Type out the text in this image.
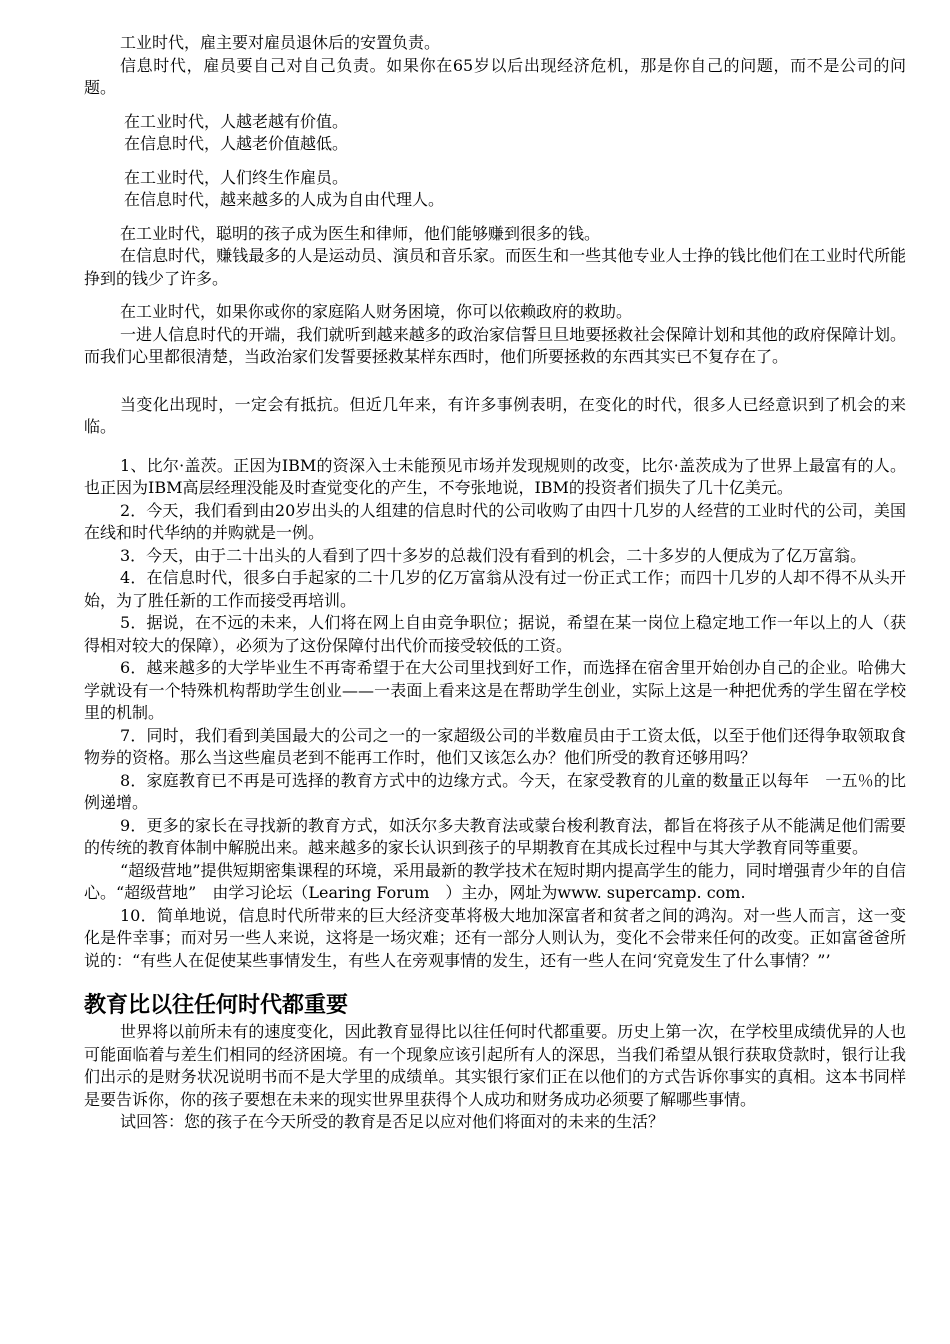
工业时代，雇主要对雇员退休后的安置负责。

信息时代，雇员要自己对自己负责。如果你在65岁以后出现经济危机，那是你自己的问题，而不是公司的问题。

在工业时代，人越老越有价值。

在信息时代，人越老价值越低。

在工业时代，人们终生作雇员。

在信息时代，越来越多的人成为自由代理人。

在工业时代，聪明的孩子成为医生和律师，他们能够赚到很多的钱。

在信息时代，赚钱最多的人是运动员、演员和音乐家。而医生和一些其他专业人士挣的钱比他们在工业时代所能挣到的钱少了许多。

在工业时代，如果你或你的家庭陷人财务困境，你可以依赖政府的救助。

一进人信息时代的开端，我们就听到越来越多的政治家信誓旦旦地要拯救社会保障计划和其他的政府保障计划。而我们心里都很清楚，当政治家们发誓要拯救某样东西时，他们所要拯救的东西其实已不复存在了。

当变化出现时，一定会有抵抗。但近几年来，有许多事例表明，在变化的时代，很多人已经意识到了机会的来临。

1、比尔·盖茨。正因为IBM的资深入士未能预见市场并发现规则的改变，比尔·盖茨成为了世界上最富有的人。也正因为IBM高层经理没能及时查觉变化的产生，不夸张地说，IBM的投资者们损失了几十亿美元。

2．今天，我们看到由20岁出头的人组建的信息时代的公司收购了由四十几岁的人经营的工业时代的公司，美国在线和时代华纳的并购就是一例。

3．今天，由于二十出头的人看到了四十多岁的总裁们没有看到的机会，二十多岁的人便成为了亿万富翁。

4．在信息时代，很多白手起家的二十几岁的亿万富翁从没有过一份正式工作；而四十几岁的人却不得不从头开始，为了胜任新的工作而接受再培训。

5．据说，在不远的未来，人们将在网上自由竞争职位；据说，希望在某一岗位上稳定地工作一年以上的人（获得相对较大的保障），必须为了这份保障付出代价而接受较低的工资。

6．越来越多的大学毕业生不再寄希望于在大公司里找到好工作，而选择在宿舍里开始创办自己的企业。哈佛大学就设有一个特殊机构帮助学生创业——一表面上看来这是在帮助学生创业，实际上这是一种把优秀的学生留在学校里的机制。

7．同时，我们看到美国最大的公司之一的一家超级公司的半数雇员由于工资太低，以至于他们还得争取领取食物券的资格。那么当这些雇员老到不能再工作时，他们又该怎么办？他们所受的教育还够用吗？

8．家庭教育已不再是可选择的教育方式中的边缘方式。今天，在家受教育的儿童的数量正以每年　一五％的比例递增。

9．更多的家长在寻找新的教育方式，如沃尔多夫教育法或蒙台梭利教育法，都旨在将孩子从不能满足他们需要的传统的教育体制中解脱出来。越来越多的家长认识到孩子的早期教育在其成长过程中与其大学教育同等重要。

“超级营地”提供短期密集课程的环境，采用最新的教学技术在短时期内提高学生的能力，同时增强青少年的自信心。“超级营地”　由学习论坛（Learing Forum　）主办，网址为www. supercamp. com.

10．简单地说，信息时代所带来的巨大经济变革将极大地加深富者和贫者之间的鸿沟。对一些人而言，这一变化是件幸事；而对另一些人来说，这将是一场灾难；还有一部分人则认为，变化不会带来任何的改变。正如富爸爸所说的：“有些人在促使某些事情发生，有些人在旁观事情的发生，还有一些人在问‘究竟发生了什么事情？”’

教育比以往任何时代都重要

世界将以前所未有的速度变化，因此教育显得比以往任何时代都重要。历史上第一次，在学校里成绩优异的人也可能面临着与差生们相同的经济困境。有一个现象应该引起所有人的深思，当我们希望从银行获取贷款时，银行让我们出示的是财务状况说明书而不是大学里的成绩单。其实银行家们正在以他们的方式告诉你事实的真相。这本书同样是要告诉你，你的孩子要想在未来的现实世界里获得个人成功和财务成功必须要了解哪些事情。

试回答：您的孩子在今天所受的教育是否足以应对他们将面对的未来的生活？
